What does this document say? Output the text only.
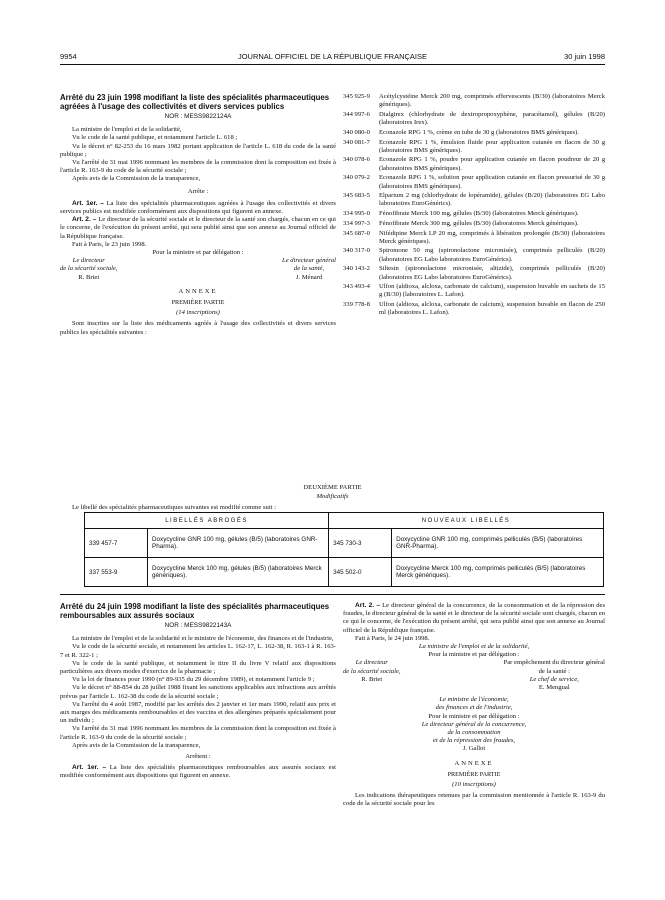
9954	JOURNAL OFFICIEL DE LA RÉPUBLIQUE FRANÇAISE	30 juin 1998
Arrêté du 23 juin 1998 modifiant la liste des spécialités pharmaceutiques agréées à l'usage des collectivités et divers services publics
NOR : MESS9822124A

La ministre de l'emploi et de la solidarité,

Vu le code de la santé publique, et notamment l'article L. 618 ;

Vu le décret n° 82-253 du 16 mars 1982 portant application de l'article L. 618 du code de la santé publique ;

Vu l'arrêté du 31 mai 1996 nommant les membres de la commission dont la composition est fixée à l'article R. 163-9 du code de la sécurité sociale ;

Après avis de la Commission de la transparence,

Arrête :

Art. 1er. – La liste des spécialités pharmaceutiques agréées à l'usage des collectivités et divers services publics est modifiée conformément aux dispositions qui figurent en annexe.

Art. 2. – Le directeur de la sécurité sociale et le directeur de la santé son chargés, chacun en ce qui le concerne, de l'exécution du présent arrêté, qui sera publié ainsi que son annexe au Journal officiel de la République française.

Fait à Paris, le 23 juin 1998.

Pour la ministre et par délégation :

Le directeur
de la sécurité sociale,
R. Briet
Le directeur général
de la santé,
J. Ménard
ANNEXE
PREMIÈRE PARTIE
(14 inscriptions)

Sont inscrites sur la liste des médicaments agréés à l'usage des collectivités et divers services publics les spécialités suivantes :

345 925-9	Acétylcystéine Merck 200 mg, comprimés effervescents (B/30) (laboratoires Merck génériques).
344 997-6	Dialgirex (chlorhydrate de dextropropoxyphène, paracétamol), gélules (B/20) (laboratoires Irex).
340 080-0	Econazole RPG 1 %, crème en tube de 30 g (laboratoires BMS génériques).
340 081-7	Econazole RPG 1 %, émulsion fluide pour application cutanée en flacon de 30 g (laboratoires BMS génériques).
340 078-6	Econazole RPG 1 %, poudre pour application cutanée en flacon poudreur de 20 g (laboratoires BMS génériques).
340 079-2	Econazole RPG 1 %, solution pour application cutanée en flacon pressurisé de 30 g (laboratoires BMS génériques).
345 683-5	Elparium 2 mg (chlorhydrate de lopéramide), gélules (B/20) (laboratoires EG Labo laboratoires EuroGénérics).
334 995-0	Fénofibrate Merck 100 mg, gélules (B/30) (laboratoires Merck génériques).
334 997-3	Fénofibrate Merck 300 mg, gélules (B/30) (laboratoires Merck génériques).
345 687-0	Nifédipine Merck LP 20 mg, comprimés à libération prolongée (B/30) (laboratoires Merck génériques).
340 317-0	Spiromone 50 mg (spironolactone micronisée), comprimés pelliculés (B/20) (laboratoires EG Labo laboratoires EuroGénérics).
340 143-2	Siltesin (spironolactone micronisée, altizide), comprimés pelliculés (B/20) (laboratoires EG Labo laboratoires EuroGénérics).
343 493-4	Ulfon (aldioxa, alcloxa, carbonate de calcium), suspension buvable en sachets de 15 g (B/30) (laboratoires L. Lafon).
339 778-8	Ulfon (aldioxa, alcloxa, carbonate de calcium), suspension buvable en flacon de 250 ml (laboratoires L. Lafon).
DEUXIÈME PARTIE
Modificatifs
Le libellé des spécialités pharmaceutiques suivantes est modifié comme suit :
LIBELLÉS ABROGÉS		NOUVEAUX LIBELLÉS	
339 457-7	Doxycycline GNR 100 mg, gélules (B/5) (laboratoires GNR-Pharma).	345 730-3	Doxycycline GNR 100 mg, comprimés pelliculés (B/5) (laboratoires GNR-Pharma).
337 553-9	Doxycycline Merck 100 mg, gélules (B/5) (laboratoires Merck génériques).	345 502-0	Doxycycline Merck 100 mg, comprimés pelliculés (B/5) (laboratoires Merck génériques).
Arrêté du 24 juin 1998 modifiant la liste des spécialités pharmaceutiques remboursables aux assurés sociaux
NOR : MESS9822143A

La ministre de l'emploi et de la solidarité et le ministre de l'économie, des finances et de l'industrie,

Vu le code de la sécurité sociale, et notamment les articles L. 162-17, L. 162-38, R. 163-1 à R. 163-7 et R. 322-1 ;

Vu le code de la santé publique, et notamment le titre II du livre V relatif aux dispositions particulières aux divers modes d'exercice de la pharmacie ;

Vu la loi de finances pour 1990 (n° 89-935 du 29 décembre 1989), et notamment l'article 9 ;

Vu le décret n° 88-854 du 28 juillet 1988 fixant les sanctions applicables aux infractions aux arrêtés prévus par l'article L. 162-38 du code de la sécurité sociale ;

Vu l'arrêté du 4 août 1987, modifié par les arrêtés des 2 janvier et 1er mars 1990, relatif aux prix et aux marges des médicaments remboursables et des vaccins et des allergènes préparés spécialement pour un individu ;

Vu l'arrêté du 31 mai 1996 nommant les membres de la commission dont la composition est fixée à l'article R. 163-9 du code de la sécurité sociale ;

Après avis de la Commission de la transparence,

Arrêtent :

Art. 1er. – La liste des spécialités pharmaceutiques remboursables aux assurés sociaux est modifiée conformément aux dispositions qui figurent en annexe.

Art. 2. – Le directeur général de la concurrence, de la consommation et de la répression des fraudes, le directeur général de la santé et le directeur de la sécurité sociale sont chargés, chacun en ce qui le concerne, de l'exécution du présent arrêté, qui sera publié ainsi que son annexe au Journal officiel de la République française.

Fait à Paris, le 24 juin 1998.

La ministre de l'emploi et de la solidarité,

Pour la ministre et par délégation :

Le directeur
de la sécurité sociale,
R. Briet
Par empêchement du directeur général
de la santé :
Le chef de service,
E. Mengual
Le ministre de l'économie,
des finances et de l'industrie,
Pour le ministre et par délégation :
Le directeur général de la concurrence,
de la consommation
et de la répression des fraudes,
J. Gallot
ANNEXE
PREMIÈRE PARTIE
(10 inscriptions)

Les indications thérapeutiques retenues par la commission mentionnée à l'article R. 163-9 du code de la sécurité sociale pour les
